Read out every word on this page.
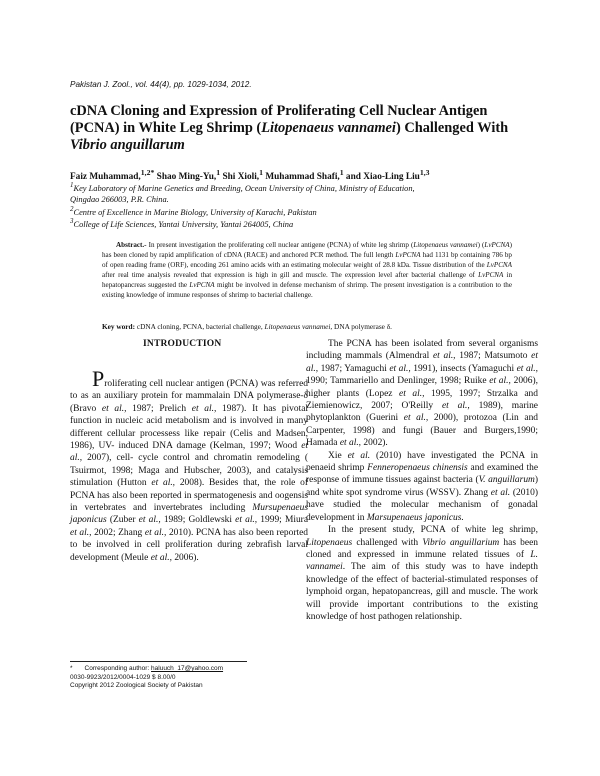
Pakistan J. Zool., vol. 44(4), pp. 1029-1034, 2012.
cDNA Cloning and Expression of Proliferating Cell Nuclear Antigen (PCNA) in White Leg Shrimp (Litopenaeus vannamei) Challenged With Vibrio anguillarum
Faiz Muhammad,$^{1,2*}$ Shao Ming-Yu,$^1$ Shi Xioli,$^1$ Muhammad Shafi,$^1$ and Xiao-Ling Liu$^{1,3}$
$^1$Key Laboratory of Marine Genetics and Breeding, Ocean University of China, Ministry of Education,
Qingdao 266003, P.R. China.
$^2$Centre of Excellence in Marine Biology, University of Karachi, Pakistan
$^3$College of Life Sciences, Yantai University, Yantai 264005, China
Abstract.- In present investigation the proliferating cell nuclear antigene (PCNA) of white leg shrimp (Litopenaeus vannamei) (LvPCNA) has been cloned by rapid amplification of cDNA (RACE) and anchored PCR method. The full length LvPCNA had 1131 bp containing 786 bp of open reading frame (ORF), encoding 261 amino acids with an estimating molecular weight of 28.8 kDa. Tissue distribution of the LvPCNA after real time analysis revealed that expression is high in gill and muscle. The expression level after bacterial challenge of LvPCNA in hepatopancreas suggested the LvPCNA might be involved in defense mechanism of shrimp. The present investigation is a contribution to the existing knowledge of immune responses of shrimp to bacterial challenge.
Key word: cDNA cloning, PCNA, bacterial challenge, Litopenaeus vannamei, DNA polymerase δ.
INTRODUCTION

Proliferating cell nuclear antigen (PCNA) was referred to as an auxiliary protein for mammalain DNA polymerase-δ (Bravo et al., 1987; Prelich et al., 1987). It has pivotal function in nucleic acid metabolism and is involved in many different cellular processess like repair (Celis and Madsen, 1986), UV- induced DNA damage (Kelman, 1997; Wood et al., 2007), cell- cycle control and chromatin remodeling ( Tsuirmot, 1998; Maga and Hubscher, 2003), and catalysis stimulation (Hutton et al., 2008). Besides that, the role of PCNA has also been reported in spermatogenesis and oogensis in vertebrates and invertebrates including Mursupenaeus japonicus (Zuber et al., 1989; Goldlewski et al., 1999; Miura et al., 2002; Zhang et al., 2010). PCNA has also been reported to be involved in cell proliferation during zebrafish larval development (Meule et al., 2006).

The PCNA has been isolated from several organisms including mammals (Almendral et al., 1987; Matsumoto et al., 1987; Yamaguchi et al., 1991), insects (Yamaguchi et al., 1990; Tammariello and Denlinger, 1998; Ruike et al., 2006), higher plants (Lopez et al., 1995, 1997; Strzalka and Ziemienowicz, 2007; O'Reilly et al., 1989), marine phytoplankton (Guerini et al., 2000), protozoa (Lin and Carpenter, 1998) and fungi (Bauer and Burgers,1990; Hamada et al., 2002).

Xie et al. (2010) have investigated the PCNA in penaeid shrimp Fenneropenaeus chinensis and examined the response of immune tissues against bacteria (V. anguillarum) and white spot syndrome virus (WSSV). Zhang et al. (2010) have studied the molecular mechanism of gonadal development in Marsupenaeus japonicus.

In the present study, PCNA of white leg shrimp, Litopenaeus challenged with Vibrio anguillarium has been cloned and expressed in immune related tissues of L. vannamei. The aim of this study was to have indepth knowledge of the effect of bacterial-stimulated responses of lymphoid organ, hepatopancreas, gill and muscle. The work will provide important contributions to the existing knowledge of host pathogen relationship.

* Corresponding author: haluuch_17@yahoo.com
0030-9923/2012/0004-1029 $ 8.00/0
Copyright 2012 Zoological Society of Pakistan
